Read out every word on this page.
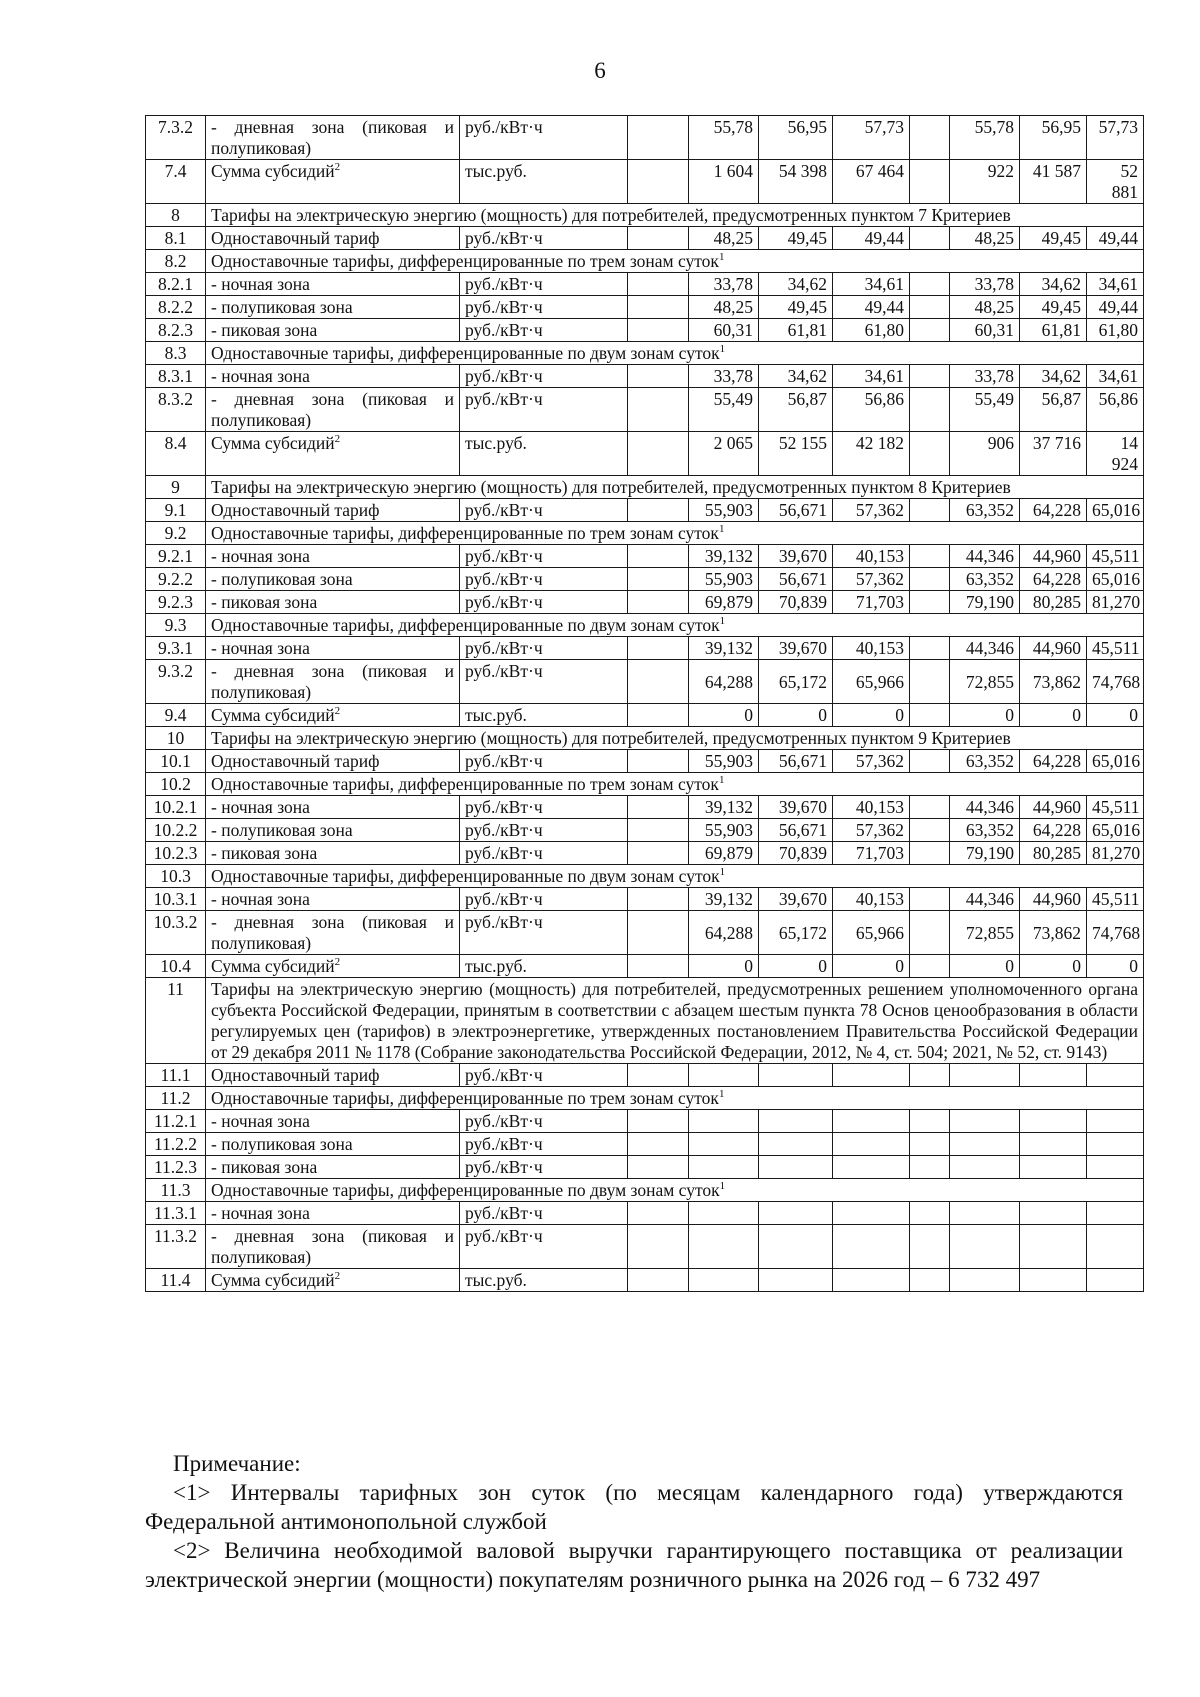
6
7.3.2	- дневная зона (пиковая и полупиковая)	руб./кВт·ч		55,78	56,95	57,73		55,78	56,95	57,73
7.4	Сумма субсидий$^2$	тыс.руб.		1 604	54 398	67 464		922	41 587	52 881
8	Тарифы на электрическую энергию (мощность) для потребителей, предусмотренных пунктом 7 Критериев									
8.1	Одноставочный тариф	руб./кВт·ч		48,25	49,45	49,44		48,25	49,45	49,44
8.2	Одноставочные тарифы, дифференцированные по трем зонам суток$^1$
8.2.1	- ночная зона	руб./кВт·ч		33,78	34,62	34,61		33,78	34,62	34,61
8.2.2	- полупиковая зона	руб./кВт·ч		48,25	49,45	49,44		48,25	49,45	49,44
8.2.3	- пиковая зона	руб./кВт·ч		60,31	61,81	61,80		60,31	61,81	61,80
8.3	Одноставочные тарифы, дифференцированные по двум зонам суток$^1$
8.3.1	- ночная зона	руб./кВт·ч		33,78	34,62	34,61		33,78	34,62	34,61
8.3.2	- дневная зона (пиковая и полупиковая)	руб./кВт·ч		55,49	56,87	56,86		55,49	56,87	56,86
8.4	Сумма субсидий$^2$	тыс.руб.		2 065	52 155	42 182		906	37 716	14 924
9	Тарифы на электрическую энергию (мощность) для потребителей, предусмотренных пунктом 8 Критериев									
9.1	Одноставочный тариф	руб./кВт·ч		55,903	56,671	57,362		63,352	64,228	65,016
9.2	Одноставочные тарифы, дифференцированные по трем зонам суток$^1$
9.2.1	- ночная зона	руб./кВт·ч		39,132	39,670	40,153		44,346	44,960	45,511
9.2.2	- полупиковая зона	руб./кВт·ч		55,903	56,671	57,362		63,352	64,228	65,016
9.2.3	- пиковая зона	руб./кВт·ч		69,879	70,839	71,703		79,190	80,285	81,270
9.3	Одноставочные тарифы, дифференцированные по двум зонам суток$^1$
9.3.1	- ночная зона	руб./кВт·ч		39,132	39,670	40,153		44,346	44,960	45,511
9.3.2	- дневная зона (пиковая и полупиковая)	руб./кВт·ч		64,288	65,172	65,966		72,855	73,862	74,768
9.4	Сумма субсидий$^2$	тыс.руб.		0	0	0		0	0	0
10	Тарифы на электрическую энергию (мощность) для потребителей, предусмотренных пунктом 9 Критериев									
10.1	Одноставочный тариф	руб./кВт·ч		55,903	56,671	57,362		63,352	64,228	65,016
10.2	Одноставочные тарифы, дифференцированные по трем зонам суток$^1$
10.2.1	- ночная зона	руб./кВт·ч		39,132	39,670	40,153		44,346	44,960	45,511
10.2.2	- полупиковая зона	руб./кВт·ч		55,903	56,671	57,362		63,352	64,228	65,016
10.2.3	- пиковая зона	руб./кВт·ч		69,879	70,839	71,703		79,190	80,285	81,270
10.3	Одноставочные тарифы, дифференцированные по двум зонам суток$^1$
10.3.1	- ночная зона	руб./кВт·ч		39,132	39,670	40,153		44,346	44,960	45,511
10.3.2	- дневная зона (пиковая и полупиковая)	руб./кВт·ч		64,288	65,172	65,966		72,855	73,862	74,768
10.4	Сумма субсидий$^2$	тыс.руб.		0	0	0		0	0	0
11	Тарифы на электрическую энергию (мощность) для потребителей, предусмотренных решением уполномоченного органа субъекта Российской Федерации, принятым в соответствии с абзацем шестым пункта 78 Основ ценообразования в области регулируемых цен (тарифов) в электроэнергетике, утвержденных постановлением Правительства Российской Федерации от 29 декабря 2011 № 1178 (Собрание законодательства Российской Федерации, 2012, № 4, ст. 504; 2021, № 52, ст. 9143)									
11.1	Одноставочный тариф	руб./кВт·ч								
11.2	Одноставочные тарифы, дифференцированные по трем зонам суток$^1$
11.2.1	- ночная зона	руб./кВт·ч								
11.2.2	- полупиковая зона	руб./кВт·ч								
11.2.3	- пиковая зона	руб./кВт·ч								
11.3	Одноставочные тарифы, дифференцированные по двум зонам суток$^1$
11.3.1	- ночная зона	руб./кВт·ч								
11.3.2	- дневная зона (пиковая и полупиковая)	руб./кВт·ч								
11.4	Сумма субсидий$^2$	тыс.руб.								

Примечание:

<1> Интервалы тарифных зон суток (по месяцам календарного года) утверждаются Федеральной антимонопольной службой

<2> Величина необходимой валовой выручки гарантирующего поставщика от реализации электрической энергии (мощности) покупателям розничного рынка на 2026 год – 6 732 497
